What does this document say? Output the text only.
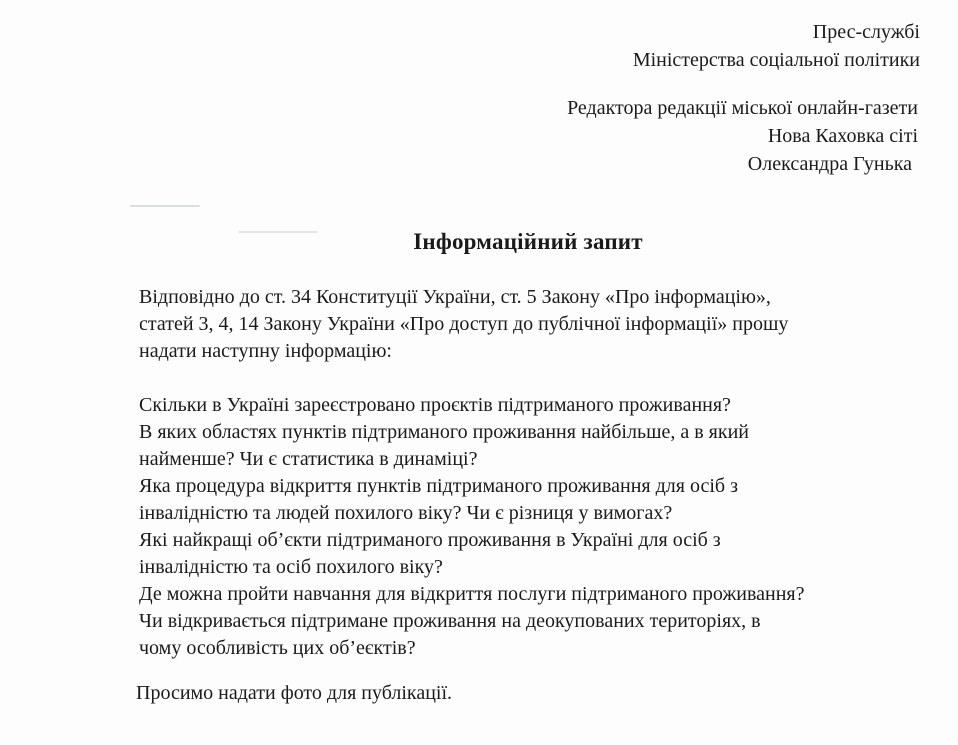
Прес-службі
Міністерства соціальної політики
Редактора редакції міської онлайн-газети
Нова Каховка сіті
Олександра Гунька
Інформаційний запит
Відповідно до ст. 34 Конституції України, ст. 5 Закону «Про інформацію»,
статей 3, 4, 14 Закону України «Про доступ до публічної інформації» прошу
надати наступну інформацію:
Скільки в Україні зареєстровано проєктів підтриманого проживання?
В яких областях пунктів підтриманого проживання найбільше, а в який
найменше? Чи є статистика в динаміці?
Яка процедура відкриття пунктів підтриманого проживання для осіб з
інвалідністю та людей похилого віку? Чи є різниця у вимогах?
Які найкращі об’єкти підтриманого проживання в Україні для осіб з
інвалідністю та осіб похилого віку?
Де можна пройти навчання для відкриття послуги підтриманого проживання?
Чи відкривається підтримане проживання на деокупованих територіях, в
чому особливість цих об’еєктів?
Просимо надати фото для публікації.
